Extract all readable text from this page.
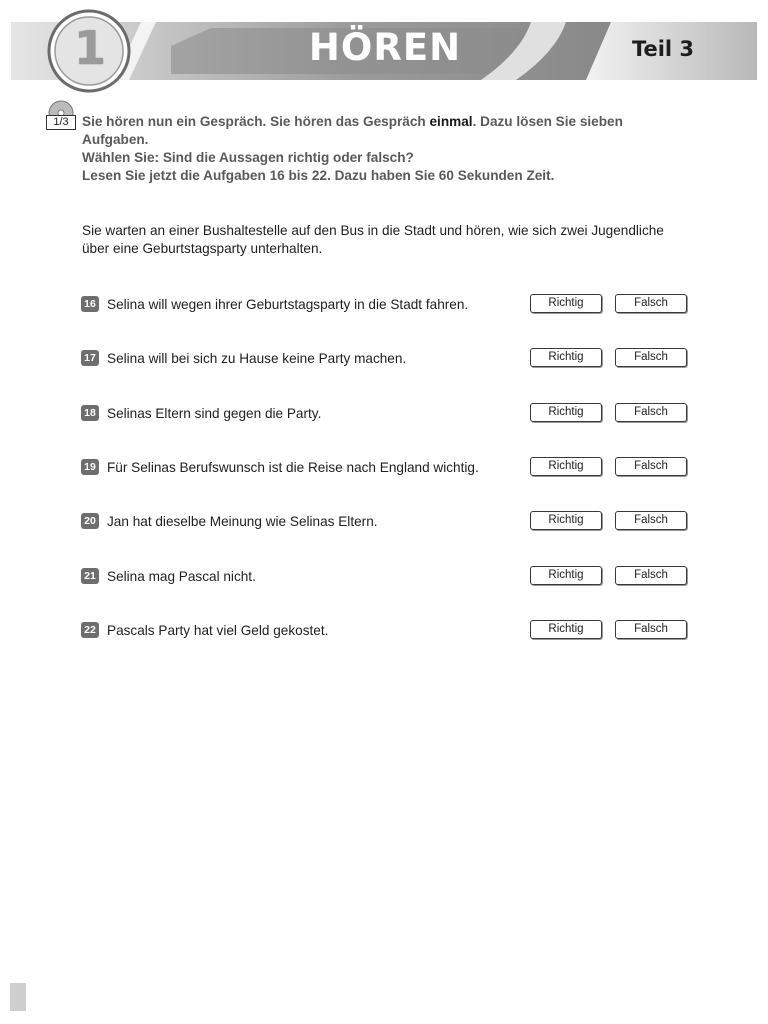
1	HÖREN	Teil 3
1/3 Sie hören nun ein Gespräch. Sie hören das Gespräch einmal. Dazu lösen Sie sieben Aufgaben.

Wählen Sie: Sind die Aussagen richtig oder falsch?

Lesen Sie jetzt die Aufgaben 16 bis 22. Dazu haben Sie 60 Sekunden Zeit.

Sie warten an einer Bushaltestelle auf den Bus in die Stadt und hören, wie sich zwei Jugendliche über eine Geburtstagsparty unterhalten.
16 Selina will wegen ihrer Geburtstagsparty in die Stadt fahren.	Richtig	Falsch
17 Selina will bei sich zu Hause keine Party machen.	Richtig	Falsch
18 Selinas Eltern sind gegen die Party.	Richtig	Falsch
19 Für Selinas Berufswunsch ist die Reise nach England wichtig.	Richtig	Falsch
20 Jan hat dieselbe Meinung wie Selinas Eltern.	Richtig	Falsch
21 Selina mag Pascal nicht.	Richtig	Falsch
22 Pascals Party hat viel Geld gekostet.	Richtig	Falsch
